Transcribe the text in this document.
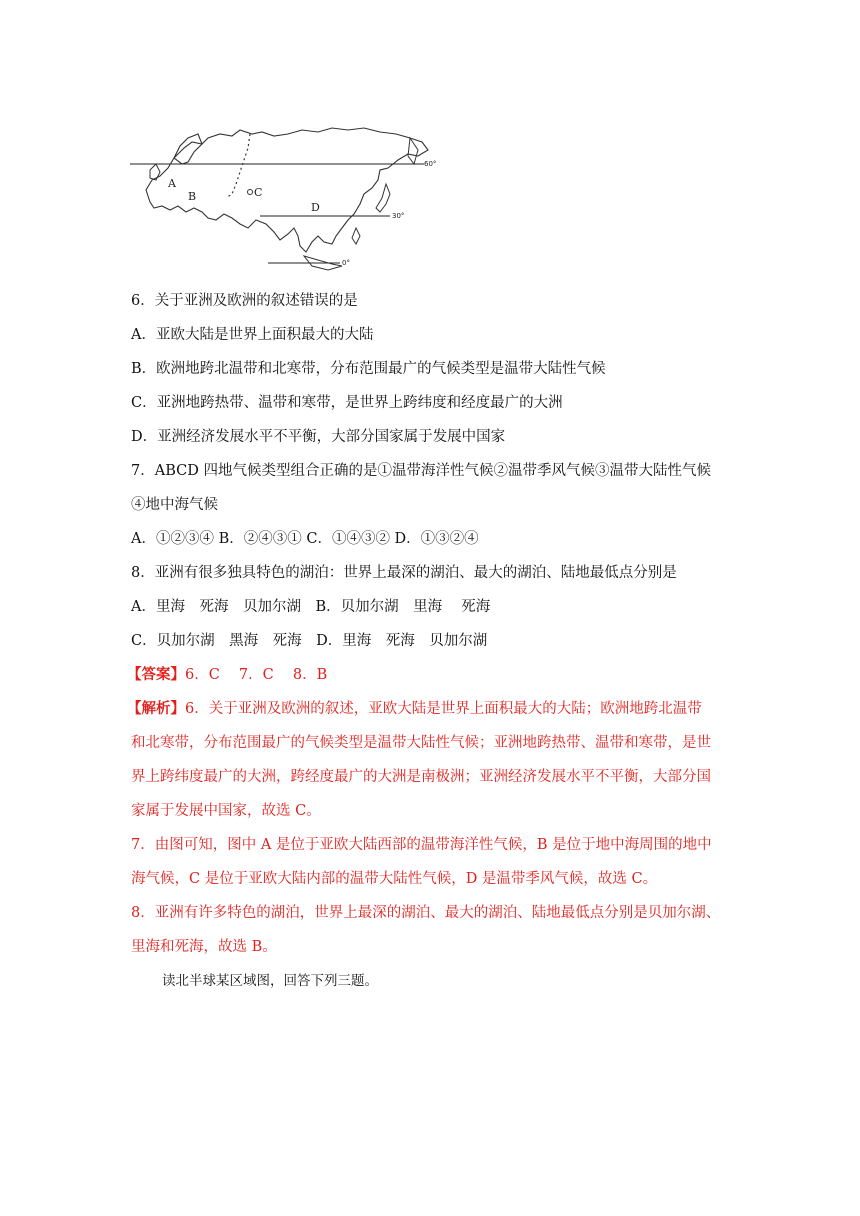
A
B	C
D
60°
30°
0°
6．关于亚洲及欧洲的叙述错误的是
A．亚欧大陆是世界上面积最大的大陆
B．欧洲地跨北温带和北寒带，分布范围最广的气候类型是温带大陆性气候
C．亚洲地跨热带、温带和寒带，是世界上跨纬度和经度最广的大洲
D．亚洲经济发展水平不平衡，大部分国家属于发展中国家
7．ABCD 四地气候类型组合正确的是①温带海洋性气候②温带季风气候③温带大陆性气候
④地中海气候
A．①②③④ B．②④③① C．①④③② D．①③②④
8．亚洲有很多独具特色的湖泊：世界上最深的湖泊、最大的湖泊、陆地最低点分别是
A．里海　死海　贝加尔湖　B．贝加尔湖　里海　 死海
C．贝加尔湖　黑海　死海　D．里海　死海　贝加尔湖
【答案】6．C　 7．C　 8．B
【解析】6．关于亚洲及欧洲的叙述，亚欧大陆是世界上面积最大的大陆；欧洲地跨北温带
和北寒带，分布范围最广的气候类型是温带大陆性气候；亚洲地跨热带、温带和寒带，是世
界上跨纬度最广的大洲，跨经度最广的大洲是南极洲；亚洲经济发展水平不平衡，大部分国
家属于发展中国家，故选 C。
7．由图可知，图中 A 是位于亚欧大陆西部的温带海洋性气候，B 是位于地中海周围的地中
海气候，C 是位于亚欧大陆内部的温带大陆性气候，D 是温带季风气候，故选 C。
8．亚洲有许多特色的湖泊，世界上最深的湖泊、最大的湖泊、陆地最低点分别是贝加尔湖、
里海和死海，故选 B。
读北半球某区域图，回答下列三题。
